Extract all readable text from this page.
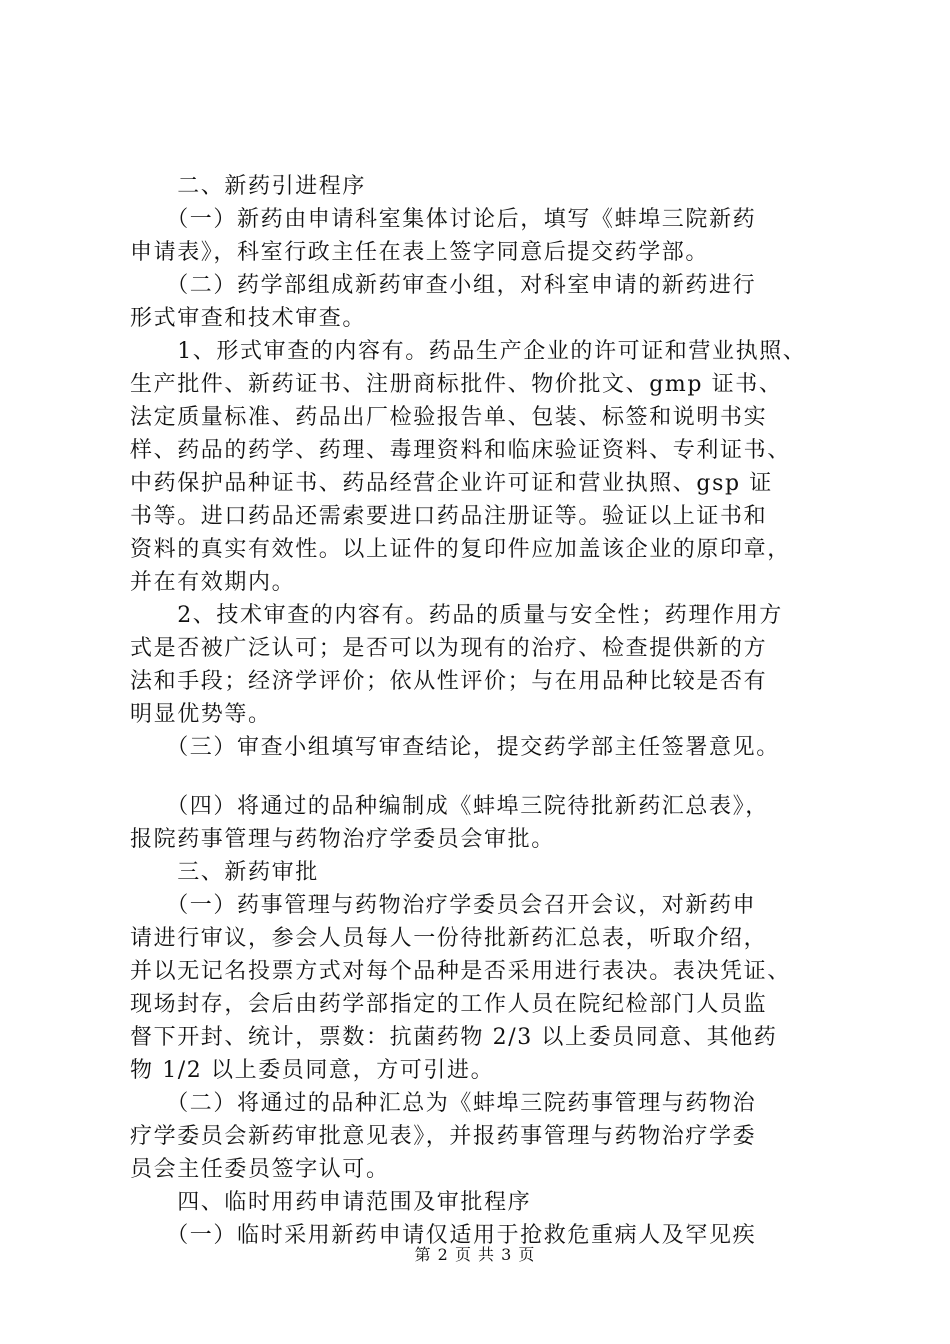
　　二、新药引进程序
　　（一）新药由申请科室集体讨论后，填写《蚌埠三院新药
申请表》，科室行政主任在表上签字同意后提交药学部。
　　（二）药学部组成新药审查小组，对科室申请的新药进行
形式审查和技术审查。
　　1、形式审查的内容有。药品生产企业的许可证和营业执照、
生产批件、新药证书、注册商标批件、物价批文、gmp 证书、
法定质量标准、药品出厂检验报告单、包装、标签和说明书实
样、药品的药学、药理、毒理资料和临床验证资料、专利证书、
中药保护品种证书、药品经营企业许可证和营业执照、gsp 证
书等。进口药品还需索要进口药品注册证等。验证以上证书和
资料的真实有效性。以上证件的复印件应加盖该企业的原印章，
并在有效期内。
　　2、技术审查的内容有。药品的质量与安全性；药理作用方
式是否被广泛认可；是否可以为现有的治疗、检查提供新的方
法和手段；经济学评价；依从性评价；与在用品种比较是否有
明显优势等。
　　（三）审查小组填写审查结论，提交药学部主任签署意见。
　　（四）将通过的品种编制成《蚌埠三院待批新药汇总表》，
报院药事管理与药物治疗学委员会审批。
　　三、新药审批
　　（一）药事管理与药物治疗学委员会召开会议，对新药申
请进行审议，参会人员每人一份待批新药汇总表，听取介绍，
并以无记名投票方式对每个品种是否采用进行表决。表决凭证、
现场封存，会后由药学部指定的工作人员在院纪检部门人员监
督下开封、统计，票数：抗菌药物 2/3 以上委员同意、其他药
物 1/2 以上委员同意，方可引进。
　　（二）将通过的品种汇总为《蚌埠三院药事管理与药物治
疗学委员会新药审批意见表》，并报药事管理与药物治疗学委
员会主任委员签字认可。
　　四、临时用药申请范围及审批程序
　　（一）临时采用新药申请仅适用于抢救危重病人及罕见疾
第 2 页 共 3 页
